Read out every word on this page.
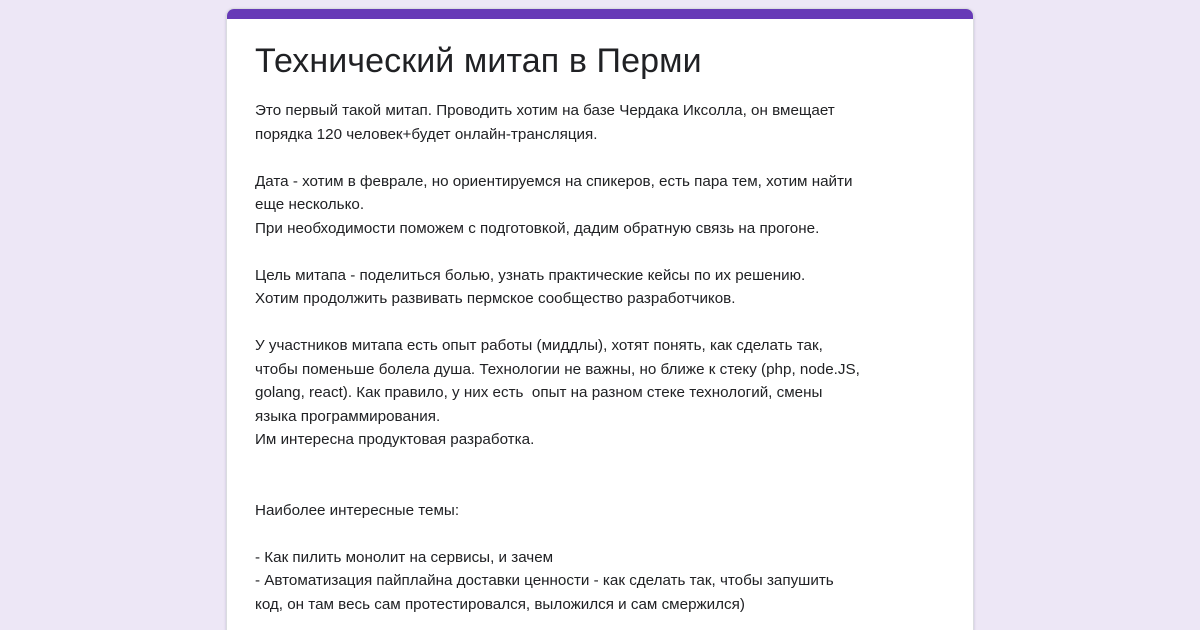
Технический митап в Перми
Это первый такой митап. Проводить хотим на базе Чердака Иксолла, он вмещает
порядка 120 человек+будет онлайн-трансляция.
Дата - хотим в феврале, но ориентируемся на спикеров, есть пара тем, хотим найти
еще несколько.
При необходимости поможем с подготовкой, дадим обратную связь на прогоне.
Цель митапа - поделиться болью, узнать практические кейсы по их решению.
Хотим продолжить развивать пермское сообщество разработчиков.
У участников митапа есть опыт работы (миддлы), хотят понять, как сделать так,
чтобы поменьше болела душа. Технологии не важны, но ближе к стеку (php, node.JS,
golang, react). Как правило, у них есть  опыт на разном стеке технологий, смены
языка программирования.
Им интересна продуктовая разработка.
Наиболее интересные темы:
- Как пилить монолит на сервисы, и зачем
- Автоматизация пайплайна доставки ценности - как сделать так, чтобы запушить
код, он там весь сам протестировался, выложился и сам смержился)
